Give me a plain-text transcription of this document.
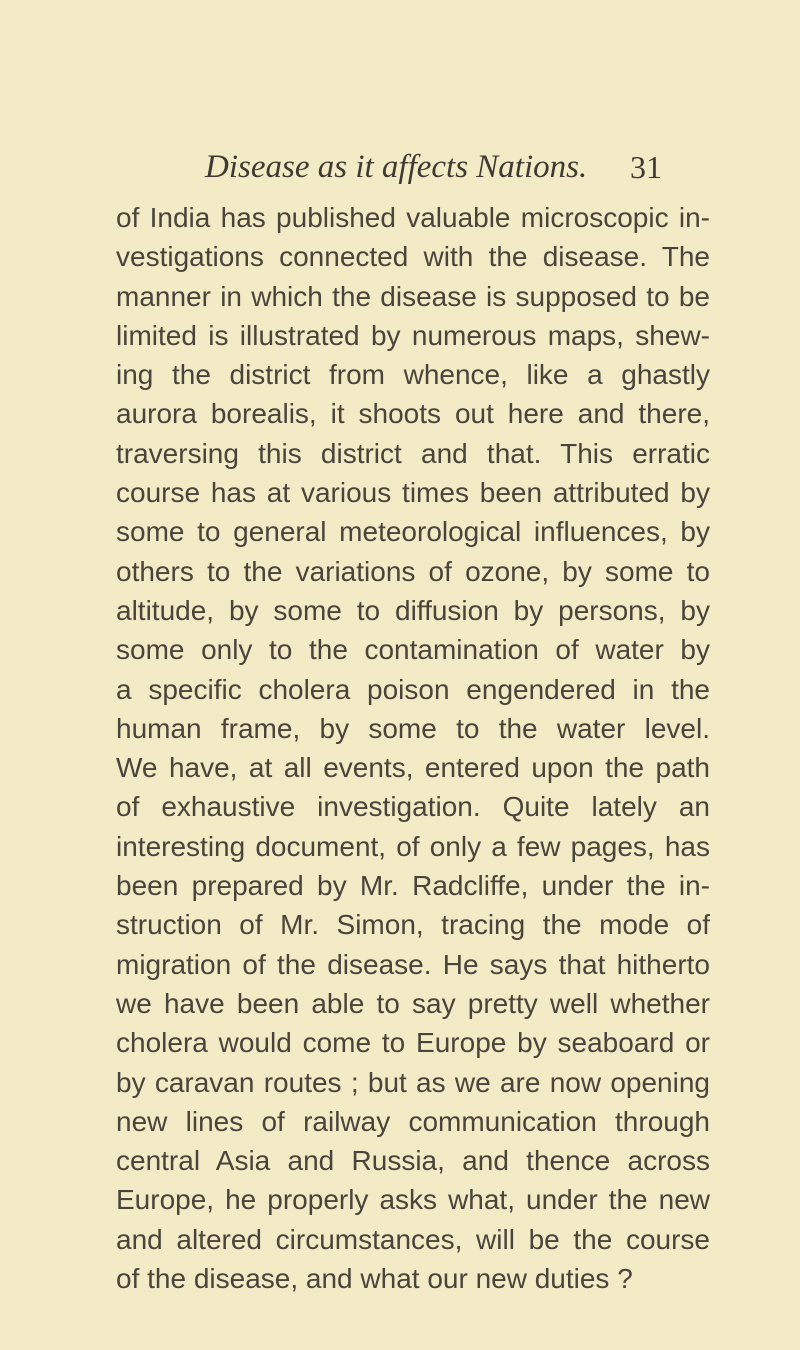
Disease as it affects Nations. 31
of India has published valuable microscopic in-
vestigations connected with the disease. The
manner in which the disease is supposed to be
limited is illustrated by numerous maps, shew-
ing the district from whence, like a ghastly
aurora borealis, it shoots out here and there,
traversing this district and that. This erratic
course has at various times been attributed by
some to general meteorological influences, by
others to the variations of ozone, by some to
altitude, by some to diffusion by persons, by
some only to the contamination of water by
a specific cholera poison engendered in the
human frame, by some to the water level.
We have, at all events, entered upon the path
of exhaustive investigation. Quite lately an
interesting document, of only a few pages, has
been prepared by Mr. Radcliffe, under the in-
struction of Mr. Simon, tracing the mode of
migration of the disease. He says that hitherto
we have been able to say pretty well whether
cholera would come to Europe by seaboard or
by caravan routes ; but as we are now opening
new lines of railway communication through
central Asia and Russia, and thence across
Europe, he properly asks what, under the new
and altered circumstances, will be the course
of the disease, and what our new duties ?
